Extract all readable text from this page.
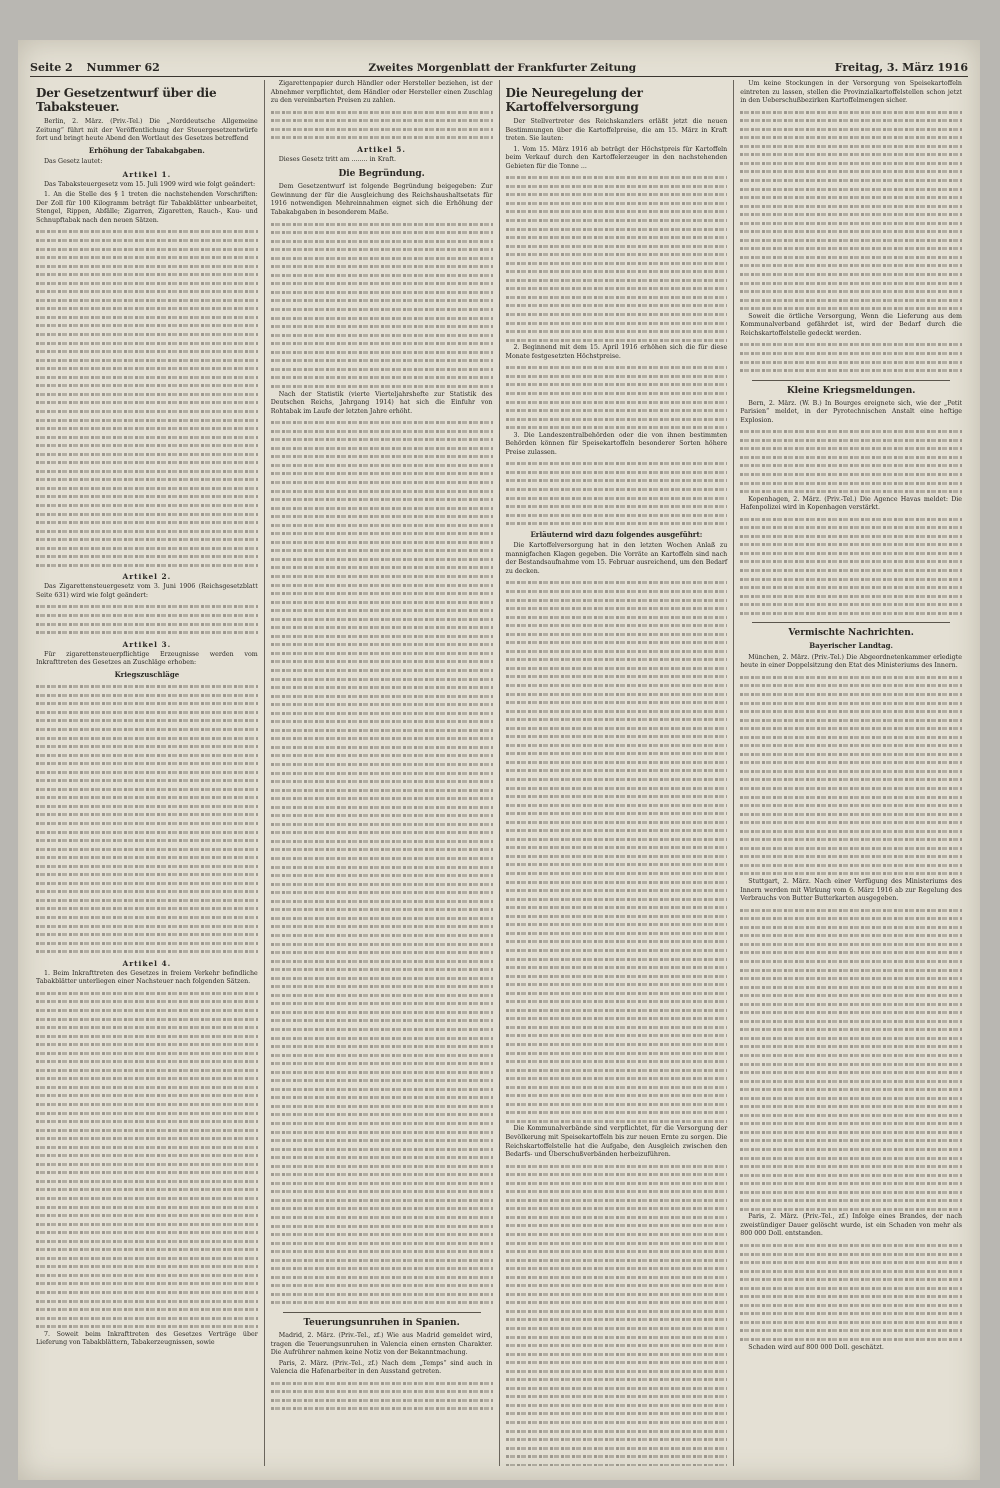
Seite 2 Nummer 62	Zweites Morgenblatt der Frankfurter Zeitung	Freitag, 3. März 1916
Der Gesetzentwurf über die Tabaksteuer.

Berlin, 2. März. (Priv.-Tel.) Die „Norddeutsche Allgemeine Zeitung“ führt mit der Veröffentlichung der Steuergesetzentwürfe fort und bringt heute Abend den Wortlaut des Gesetzes betreffend

Erhöhung der Tabakabgaben.

Das Gesetz lautet:

Artikel 1.

Das Tabaksteuergesetz vom 15. Juli 1909 wird wie folgt geändert:

1. An die Stelle des § 1 treten die nachstehenden Vorschriften: Der Zoll für 100 Kilogramm beträgt für Tabakblätter unbearbeitet, Stengel, Rippen, Abfälle; Zigarren, Zigaretten, Rauch-, Kau- und Schnupftabak nach den neuen Sätzen.

Artikel 2.

Das Zigarettensteuergesetz vom 3. Juni 1906 (Reichsgesetzblatt Seite 631) wird wie folgt geändert:

Artikel 3.

Für zigarettensteuerpflichtige Erzeugnisse werden vom Inkrafttreten des Gesetzes an Zuschläge erhoben:

Kriegszuschläge
Artikel 4.

1. Beim Inkrafttreten des Gesetzes in freiem Verkehr befindliche Tabakblätter unterliegen einer Nachsteuer nach folgenden Sätzen.

7. Soweit beim Inkrafttreten des Gesetzes Verträge über Lieferung von Tabakblättern, Tabakerzeugnissen, sowie

Zigarettenpapier durch Händler oder Hersteller beziehen, ist der Abnehmer verpflichtet, dem Händler oder Hersteller einen Zuschlag zu den vereinbarten Preisen zu zahlen.

Artikel 5.

Dieses Gesetz tritt am ........ in Kraft.

Die Begründung.

Dem Gesetzentwurf ist folgende Begründung beigegeben: Zur Gewinnung der für die Ausgleichung des Reichshaushaltsetats für 1916 notwendigen Mehreinnahmen eignet sich die Erhöhung der Tabakabgaben in besonderem Maße.

Nach der Statistik (vierte Vierteljahrshefte zur Statistik des Deutschen Reichs, Jahrgang 1914) hat sich die Einfuhr von Rohtabak im Laufe der letzten Jahre erhöht.

Teuerungsunruhen in Spanien.

Madrid, 2. März. (Priv.-Tel., zf.) Wie aus Madrid gemeldet wird, tragen die Teuerungsunruhen in Valencia einen ernsten Charakter. Die Aufrührer nahmen keine Notiz von der Bekanntmachung.

Paris, 2. März. (Priv.-Tel., zf.) Nach dem „Temps“ sind auch in Valencia die Hafenarbeiter in den Ausstand getreten.

Die Neuregelung der Kartoffelversorgung

Der Stellvertreter des Reichskanzlers erläßt jetzt die neuen Bestimmungen über die Kartoffelpreise, die am 15. März in Kraft treten. Sie lauten:

1. Vom 15. März 1916 ab beträgt der Höchstpreis für Kartoffeln beim Verkauf durch den Kartoffelerzeuger in den nachstehenden Gebieten für die Tonne ...

2. Beginnend mit dem 15. April 1916 erhöhen sich die für diese Monate festgesetzten Höchstpreise.

3. Die Landeszentralbehörden oder die von ihnen bestimmten Behörden können für Speisekartoffeln besonderer Sorten höhere Preise zulassen.

Erläuternd wird dazu folgendes ausgeführt:

Die Kartoffelversorgung hat in den letzten Wochen Anlaß zu mannigfachen Klagen gegeben. Die Vorräte an Kartoffeln sind nach der Bestandsaufnahme vom 15. Februar ausreichend, um den Bedarf zu decken.

Die Kommunalverbände sind verpflichtet, für die Versorgung der Bevölkerung mit Speisekartoffeln bis zur neuen Ernte zu sorgen. Die Reichskartoffelstelle hat die Aufgabe, den Ausgleich zwischen den Bedarfs- und Überschußverbänden herbeizuführen.

Um keine Stockungen in der Versorgung von Speisekartoffeln eintreten zu lassen, stellen die Provinzialkartoffelstellen schon jetzt in den Ueberschußbezirken Kartoffelmengen sicher.

Soweit die örtliche Versorgung, Wenn die Lieferung aus dem Kommunalverband gefährdet ist, wird der Bedarf durch die Reichskartoffelstelle gedeckt werden.

Kleine Kriegsmeldungen.

Bern, 2. März. (W. B.) In Bourges ereignete sich, wie der „Petit Parisien“ meldet, in der Pyrotechnischen Anstalt eine heftige Explosion.

Kopenhagen, 2. März. (Priv.-Tel.) Die Agence Havas meldet: Die Hafenpolizei wird in Kopenhagen verstärkt.

Vermischte Nachrichten.
Bayerischer Landtag.

München, 2. März. (Priv.-Tel.) Die Abgeordnetenkammer erledigte heute in einer Doppelsitzung den Etat des Ministeriums des Innern.

Stuttgart, 2. März. Nach einer Verfügung des Ministeriums des Innern werden mit Wirkung vom 6. März 1916 ab zur Regelung des Verbrauchs von Butter Butterkarten ausgegeben.

Paris, 2. März. (Priv.-Tel., zf.) Infolge eines Brandes, der nach zweistündiger Dauer gelöscht wurde, ist ein Schaden von mehr als 800 000 Doll. entstanden.

Schaden wird auf 800 000 Doll. geschätzt.
